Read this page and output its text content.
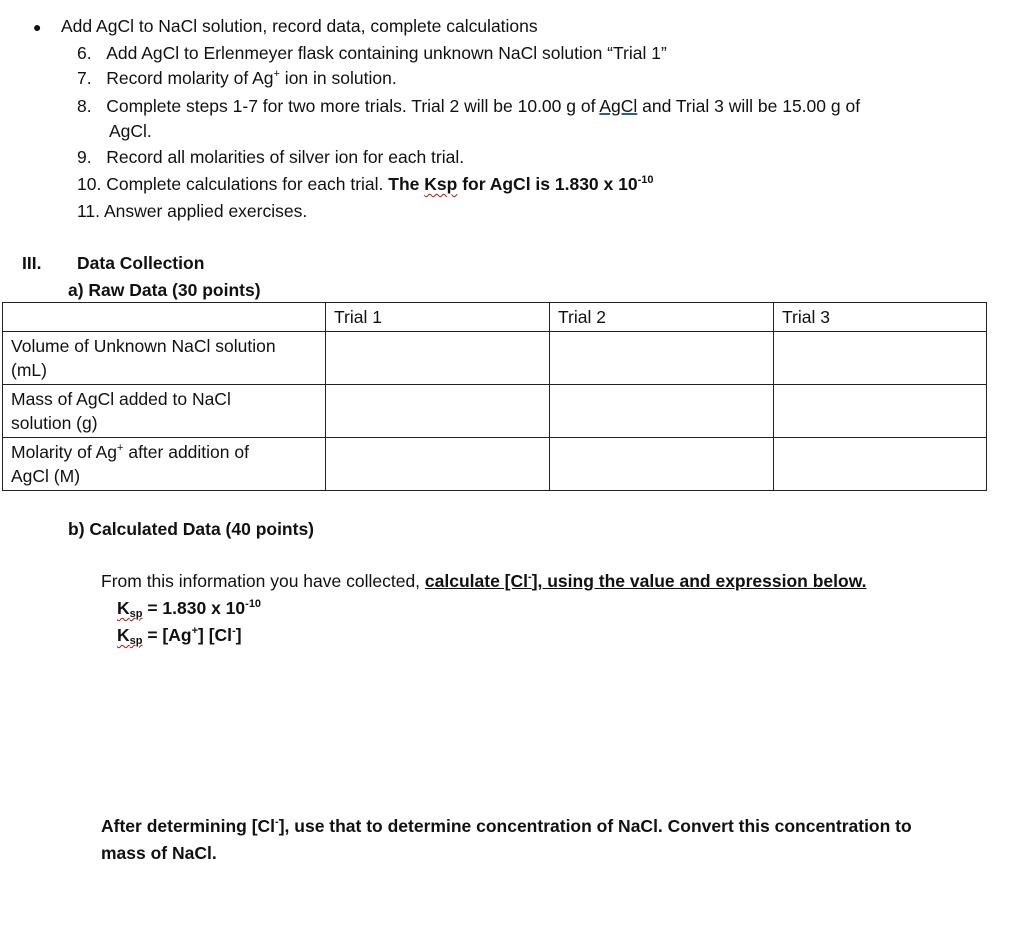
● Add AgCl to NaCl solution, record data, complete calculations
6. Add AgCl to Erlenmeyer flask containing unknown NaCl solution “Trial 1”
7. Record molarity of Ag+ ion in solution.
8. Complete steps 1-7 for two more trials. Trial 2 will be 10.00 g of AgCl and Trial 3 will be 15.00 g of
AgCl.
9. Record all molarities of silver ion for each trial.
10. Complete calculations for each trial. The Ksp for AgCl is 1.830 x $10^{-10}$
11. Answer applied exercises.
III. Data Collection
a) Raw Data (30 points)
	Trial 1	Trial 2	Trial 3
Volume of Unknown NaCl solution
(mL)			
Mass of AgCl added to NaCl
solution (g)			
Molarity of Ag+ after addition of
AgCl (M)			
b) Calculated Data (40 points)
From this information you have collected, calculate [Cl-], using the value and expression below.
$K_{sp} = 1.830$ x $10^{-10}$
$K_{sp} = [Ag^+]$ [Cl-]
After determining [Cl-], use that to determine concentration of NaCl. Convert this concentration to
mass of NaCl.
